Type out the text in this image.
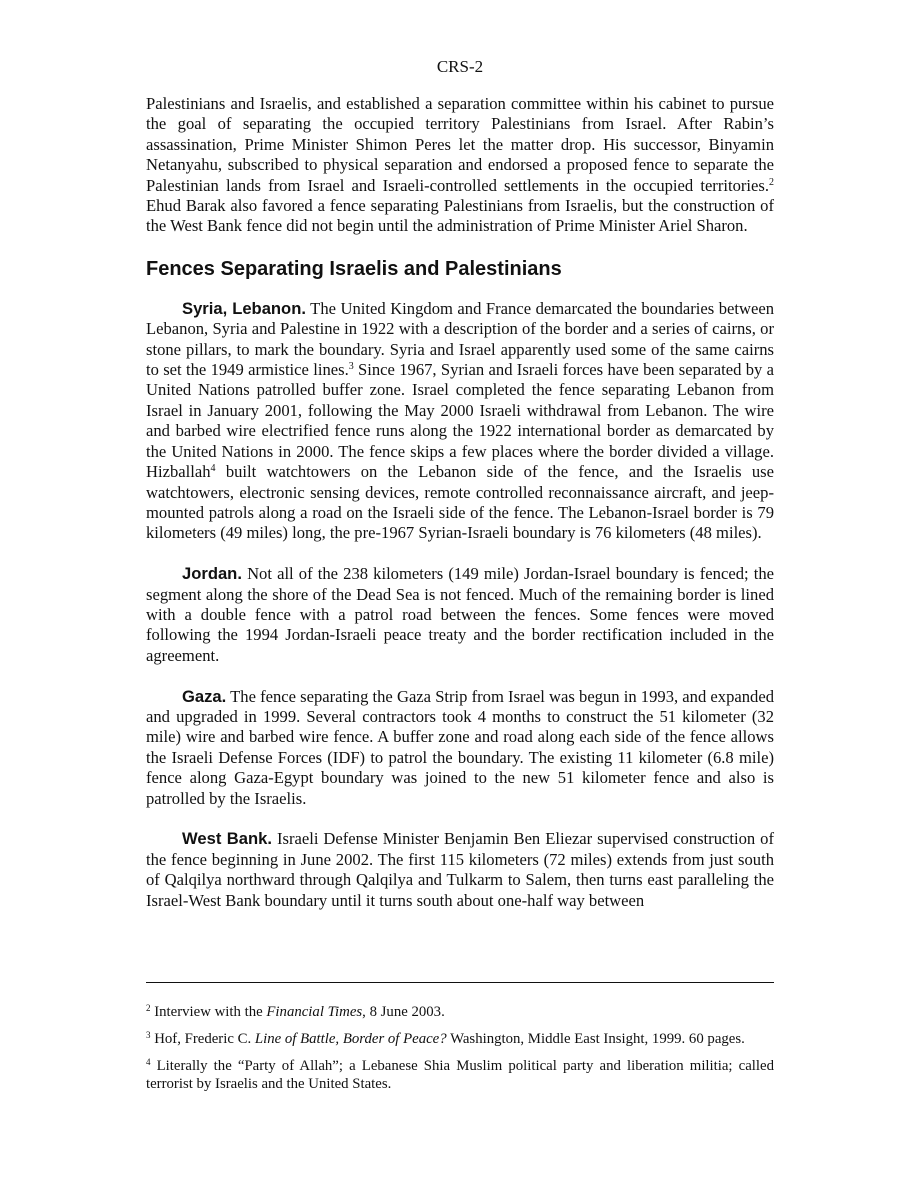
CRS-2

Palestinians and Israelis, and established a separation committee within his cabinet to pursue the goal of separating the occupied territory Palestinians from Israel. After Rabin’s assassination, Prime Minister Shimon Peres let the matter drop. His successor, Binyamin Netanyahu, subscribed to physical separation and endorsed a proposed fence to separate the Palestinian lands from Israel and Israeli-controlled settlements in the occupied territories.$^2$ Ehud Barak also favored a fence separating Palestinians from Israelis, but the construction of the West Bank fence did not begin until the administration of Prime Minister Ariel Sharon.

Fences Separating Israelis and Palestinians

Syria, Lebanon. The United Kingdom and France demarcated the boundaries between Lebanon, Syria and Palestine in 1922 with a description of the border and a series of cairns, or stone pillars, to mark the boundary. Syria and Israel apparently used some of the same cairns to set the 1949 armistice lines.$^3$ Since 1967, Syrian and Israeli forces have been separated by a United Nations patrolled buffer zone. Israel completed the fence separating Lebanon from Israel in January 2001, following the May 2000 Israeli withdrawal from Lebanon. The wire and barbed wire electrified fence runs along the 1922 international border as demarcated by the United Nations in 2000. The fence skips a few places where the border divided a village. Hizballah$^4$ built watchtowers on the Lebanon side of the fence, and the Israelis use watchtowers, electronic sensing devices, remote controlled reconnaissance aircraft, and jeep-mounted patrols along a road on the Israeli side of the fence. The Lebanon-Israel border is 79 kilometers (49 miles) long, the pre-1967 Syrian-Israeli boundary is 76 kilometers (48 miles).

Jordan. Not all of the 238 kilometers (149 mile) Jordan-Israel boundary is fenced; the segment along the shore of the Dead Sea is not fenced. Much of the remaining border is lined with a double fence with a patrol road between the fences. Some fences were moved following the 1994 Jordan-Israeli peace treaty and the border rectification included in the agreement.

Gaza. The fence separating the Gaza Strip from Israel was begun in 1993, and expanded and upgraded in 1999. Several contractors took 4 months to construct the 51 kilometer (32 mile) wire and barbed wire fence. A buffer zone and road along each side of the fence allows the Israeli Defense Forces (IDF) to patrol the boundary. The existing 11 kilometer (6.8 mile) fence along Gaza-Egypt boundary was joined to the new 51 kilometer fence and also is patrolled by the Israelis.

West Bank. Israeli Defense Minister Benjamin Ben Eliezar supervised construction of the fence beginning in June 2002. The first 115 kilometers (72 miles) extends from just south of Qalqilya northward through Qalqilya and Tulkarm to Salem, then turns east paralleling the Israel-West Bank boundary until it turns south about one-half way between

$^2$ Interview with the Financial Times, 8 June 2003.

$^3$ Hof, Frederic C. Line of Battle, Border of Peace? Washington, Middle East Insight, 1999. 60 pages.

$^4$ Literally the “Party of Allah”; a Lebanese Shia Muslim political party and liberation militia; called terrorist by Israelis and the United States.
